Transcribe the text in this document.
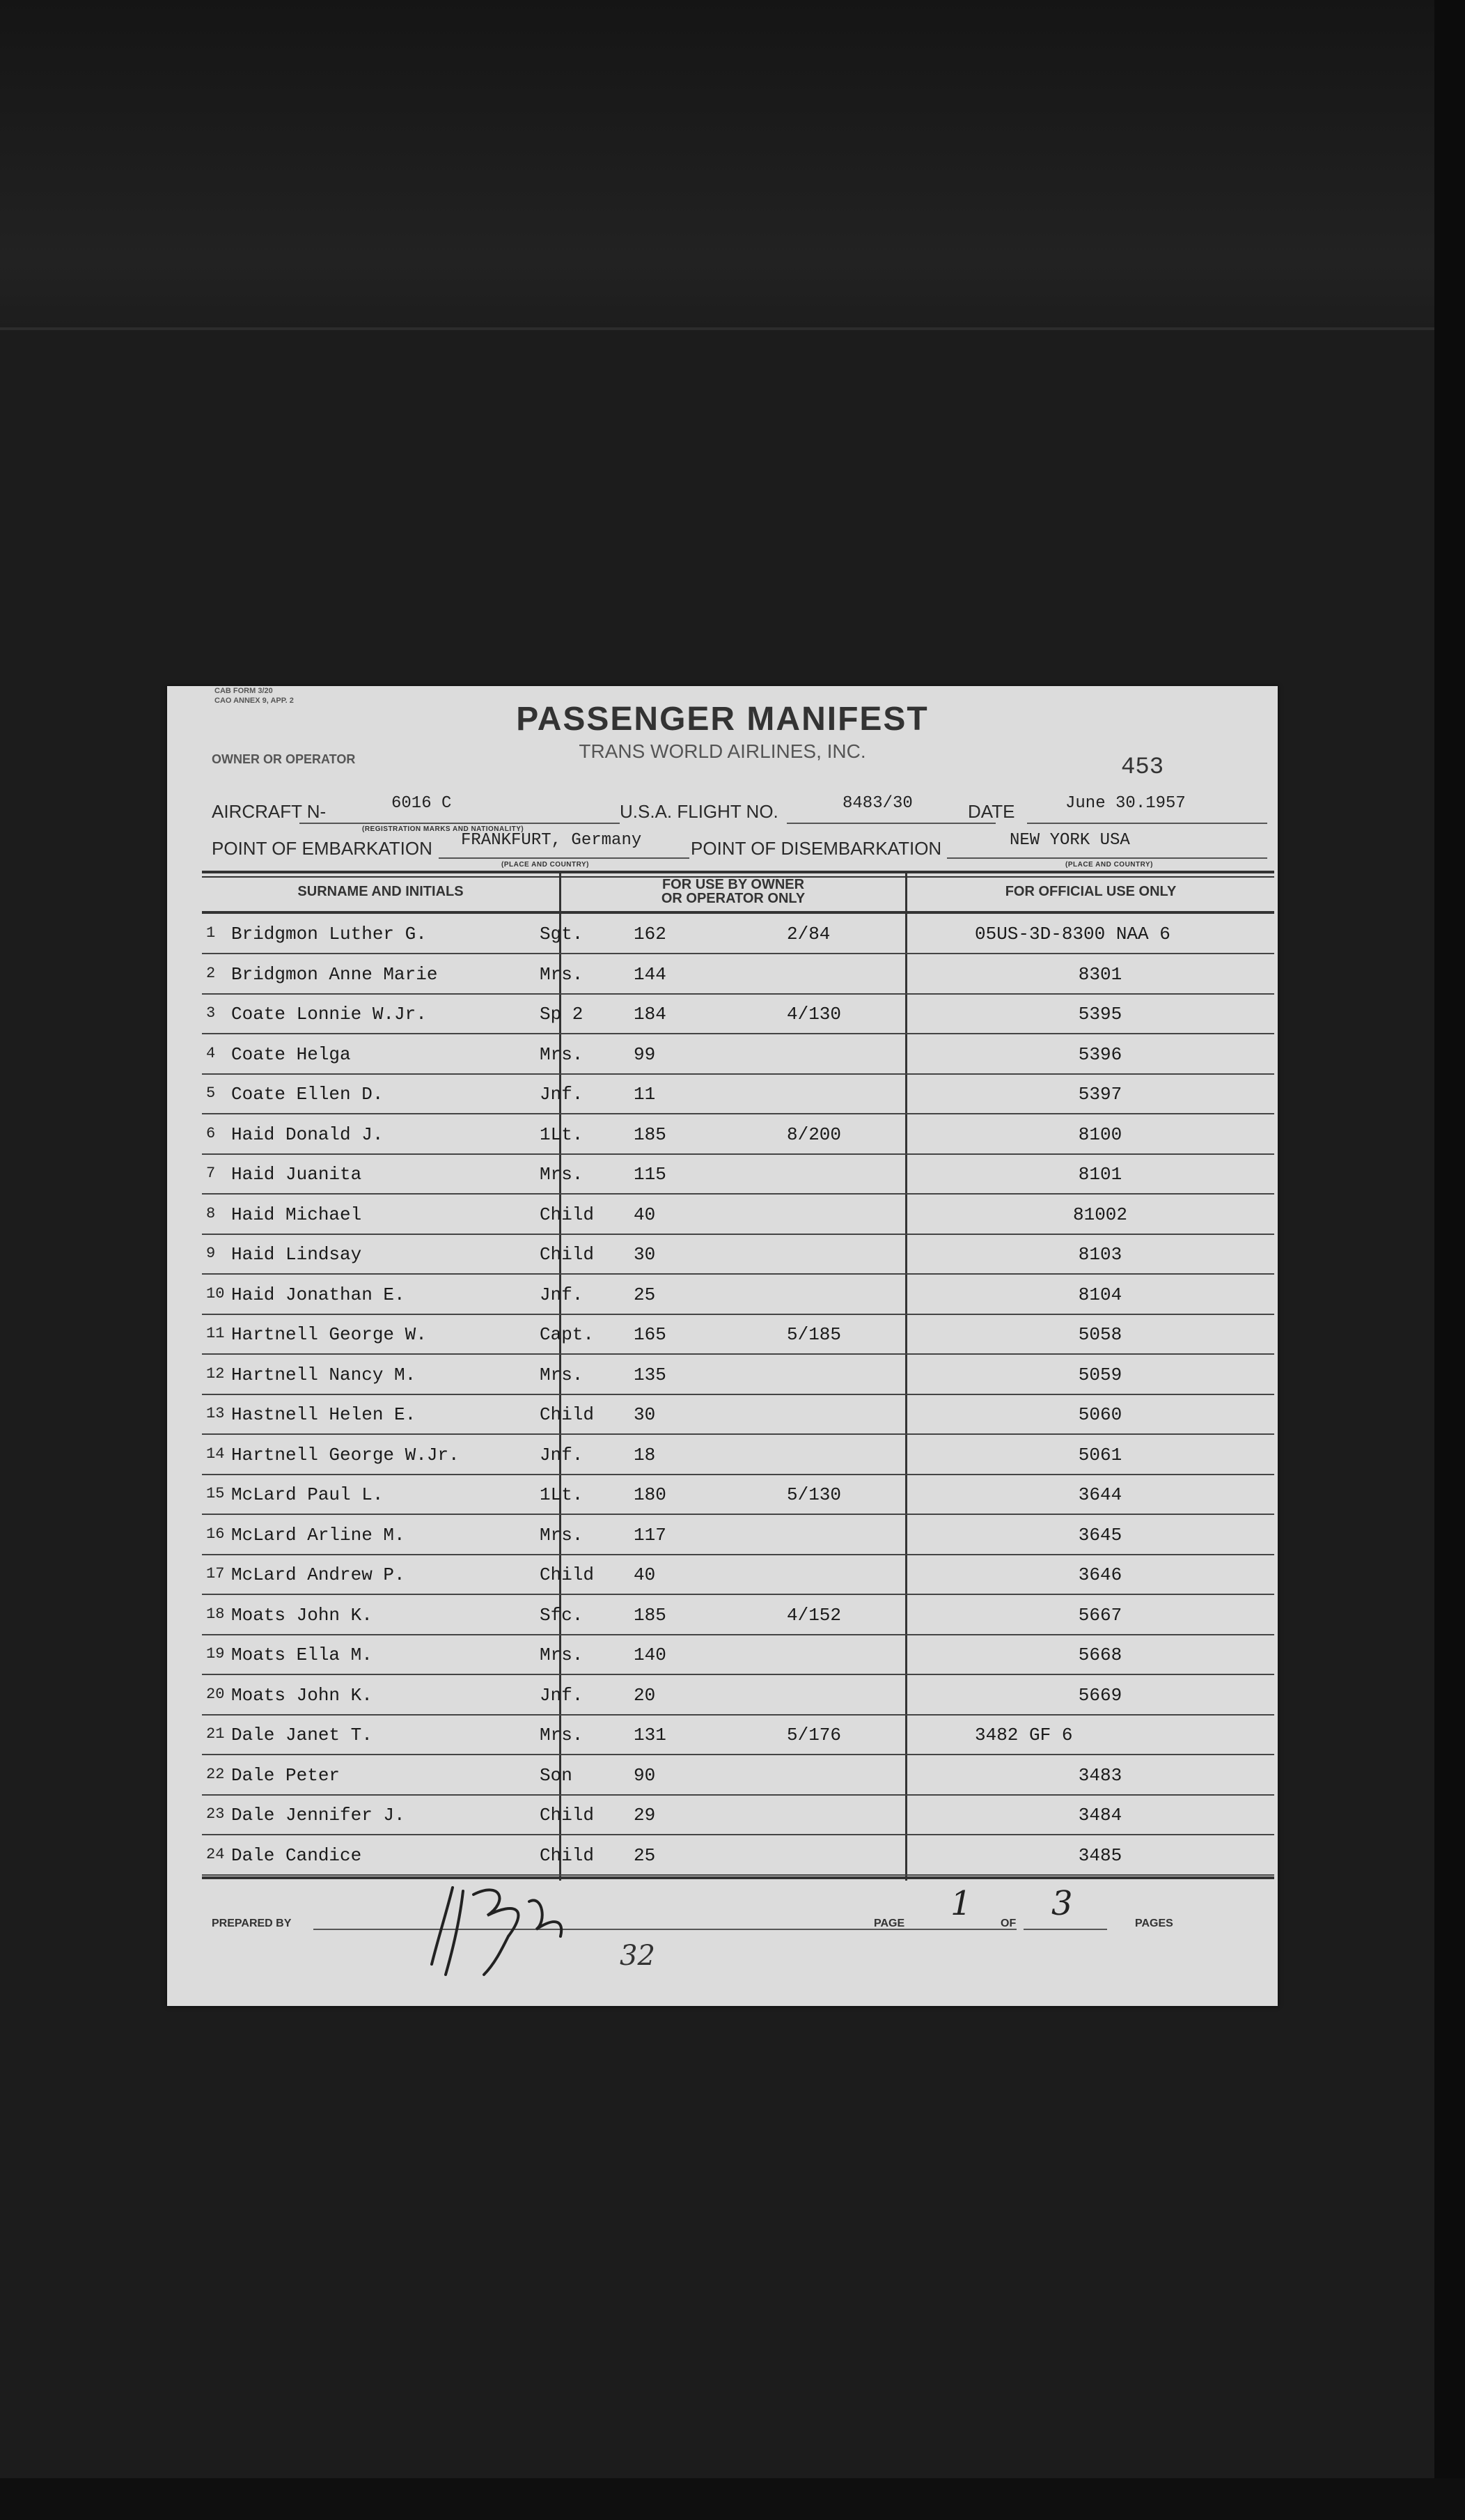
CAB FORM 3/20
CAO ANNEX 9, APP. 2	PASSENGER MANIFEST
TRANS WORLD AIRLINES, INC.
OWNER OR OPERATOR	453
AIRCRAFT N-	6016 C
(REGISTRATION MARKS AND NATIONALITY)
U.S.A. FLIGHT NO.	8483/30	DATE	June 30.1957
POINT OF EMBARKATION FRANKFURT, Germany
(PLACE AND COUNTRY)
POINT OF DISEMBARKATION	NEW YORK USA
(PLACE AND COUNTRY)
SURNAME AND INITIALS	FOR USE BY OWNER
OR OPERATOR ONLY	FOR OFFICIAL USE ONLY
1 Bridgmon Luther G.	Sgt.	162	2/84	05US-3D-8300 NAA 6
2 Bridgmon Anne Marie	Mrs.	144	8301
3 Coate Lonnie W.Jr.	Sp 2	184	4/130	5395
4 Coate Helga	Mrs.	99	5396
5 Coate Ellen D.	Jnf.	11	5397
6 Haid Donald J.	1Lt.	185	8/200	8100
7 Haid Juanita	Mrs.	115	8101
8 Haid Michael	Child 40	81002
9 Haid Lindsay	Child 30	8103
10 Haid Jonathan E.	Jnf.	25	8104
11 Hartnell George W.	Capt. 165	5/185	5058
12 Hartnell Nancy M.	Mrs.	135	5059
13 Hastnell Helen E.	Child 30	5060
14 Hartnell George W.Jr.	Jnf.	18	5061
15 McLard Paul L.	1Lt.	180	5/130	3644
16 McLard Arline M.	Mrs.	117	3645
17 McLard Andrew P.	Child 40	3646
18 Moats John K.	Sfc.	185	4/152	5667
19 Moats Ella M.	Mrs.	140	5668
20 Moats John K.	Jnf.	20	5669
21 Dale Janet T.	Mrs.	131	5/176	3482 GF 6
22 Dale Peter	Son	90	3483
23 Dale Jennifer J.	Child 29	3484
24 Dale Candice	Child 25	3485
PREPARED BY
32
PAGE
1
OF
3
PAGES
